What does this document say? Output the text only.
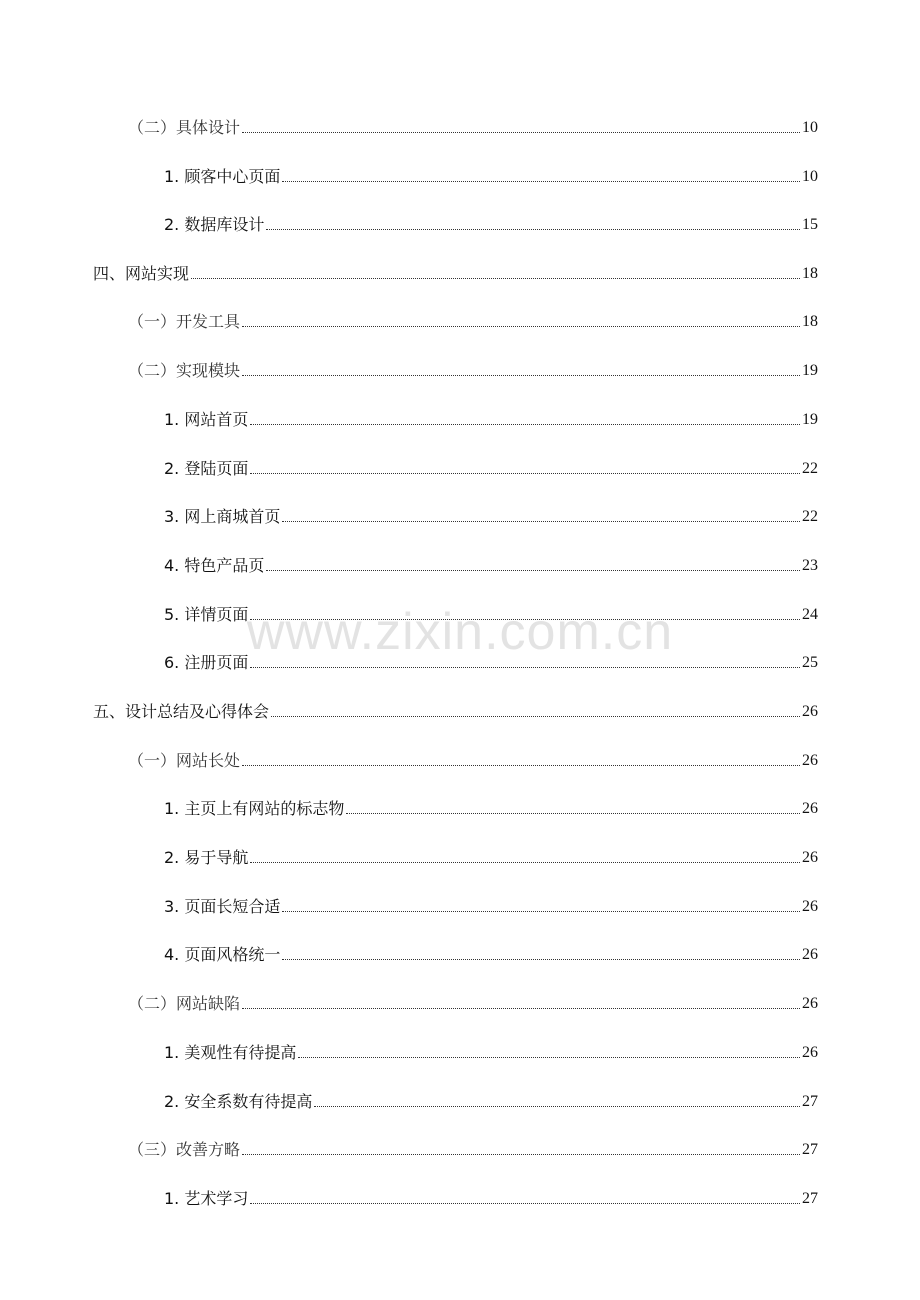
（二）具体设计	10
1. 顾客中心页面	10
2. 数据库设计	15
四、网站实现	18
（一）开发工具	18
（二）实现模块	19
1. 网站首页	19
2. 登陆页面	22
3. 网上商城首页	22
4. 特色产品页	23
5. 详情页面	24
6. 注册页面	25
五、设计总结及心得体会	26
（一）网站长处	26
1. 主页上有网站的标志物	26
2. 易于导航	26
3. 页面长短合适	26
4. 页面风格统一	26
（二）网站缺陷	26
1. 美观性有待提高	26
2. 安全系数有待提高	27
（三）改善方略	27
1. 艺术学习	27
www.zixin.com.cn
